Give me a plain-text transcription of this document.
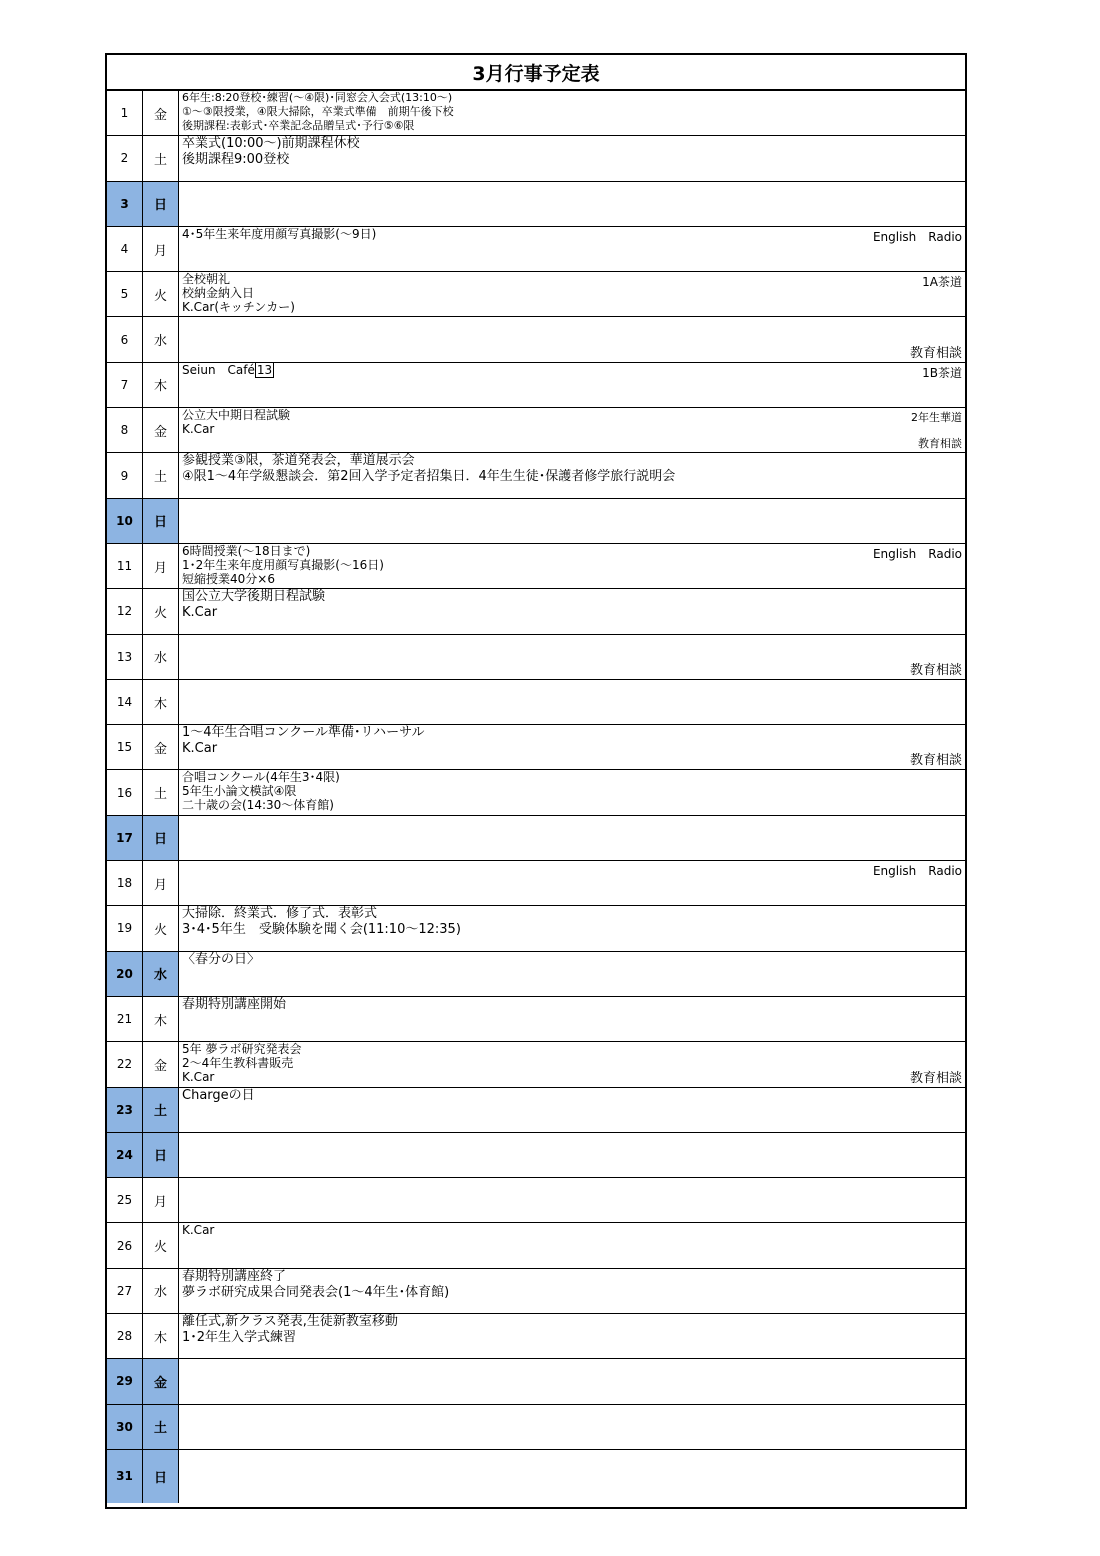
3月行事予定表
1	金
6年生:8:20登校･練習(～④限)･同窓会入会式(13:10～)
①～③限授業，④限大掃除，卒業式準備　前期午後下校
後期課程:表彰式･卒業記念品贈呈式･予行⑤⑥限
2	土
卒業式(10:00～)前期課程休校
後期課程9:00登校
3	日
4	月
4･5年生来年度用顔写真撮影(～9日)	English　Radio
5	火
全校朝礼
校納金納入日
K.Car(キッチンカー)
1A茶道
6	水
教育相談
7	木
Seiun　Café 13	1B茶道
8	金
公立大中期日程試験
K.Car
2年生華道
教育相談
9	土
参観授業③限，茶道発表会，華道展示会
④限1～4年学級懇談会．第2回入学予定者招集日．4年生生徒･保護者修学旅行説明会
10	日
11	月
6時間授業(～18日まで)
1･2年生来年度用顔写真撮影(～16日)
短縮授業40分×6
English　Radio
12	火
国公立大学後期日程試験
K.Car
13	水
教育相談
14	木
15	金
1～4年生合唱コンクール準備･リハーサル
K.Car
教育相談
16	土
合唱コンクール(4年生3･4限)
5年生小論文模試④限
二十歳の会(14:30～体育館)
17	日
18	月
English　Radio
19	火
大掃除．終業式．修了式．表彰式
3･4･5年生　受験体験を聞く会(11:10～12:35)
20	水
〈春分の日〉
21	木
春期特別講座開始
22	金
5年 夢ラボ研究発表会
2～4年生教科書販売
K.Car	教育相談
23	土
Chargeの日
24	日
25	月
26	火
K.Car
27	水
春期特別講座終了
夢ラボ研究成果合同発表会(1～4年生･体育館)
28	木
離任式,新クラス発表,生徒新教室移動
1･2年生入学式練習
29	金
30	土
31	日
